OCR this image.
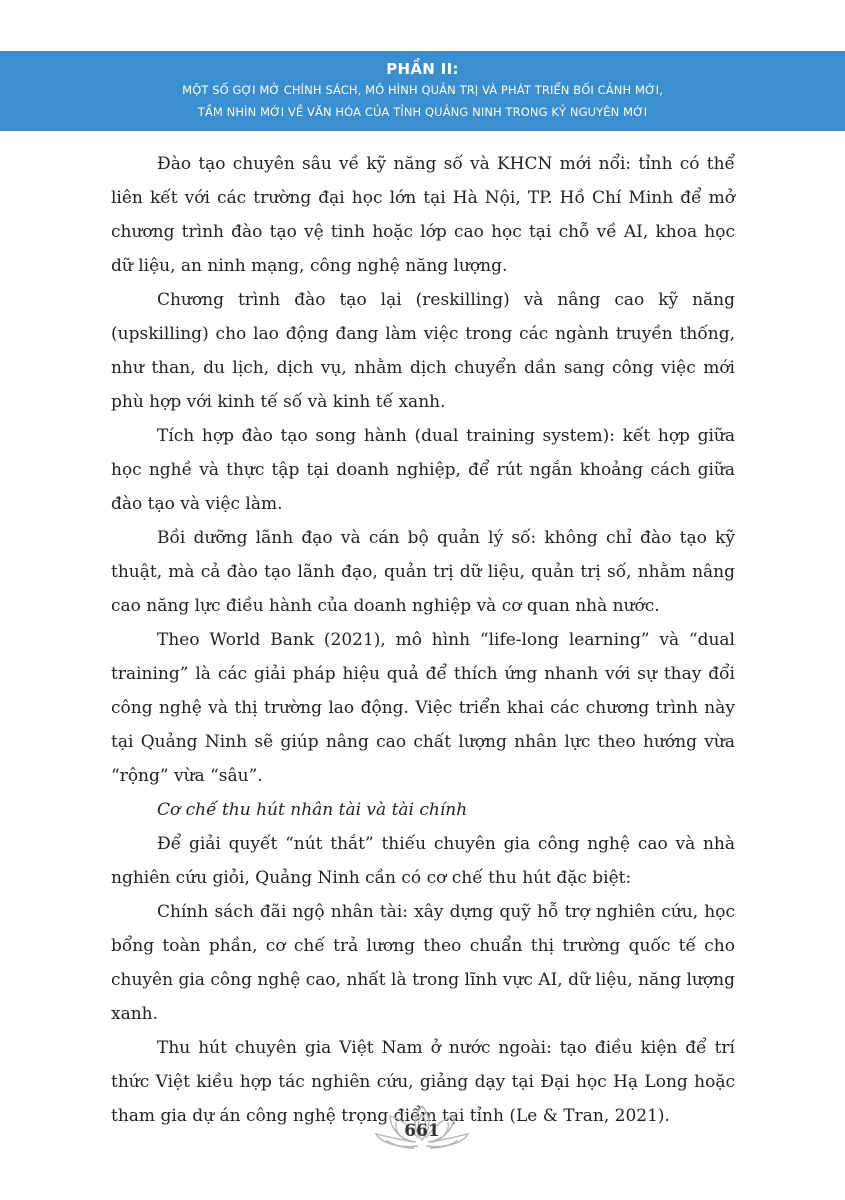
PHẦN II:
MỘT SỐ GỢI MỞ CHÍNH SÁCH, MÔ HÌNH QUẢN TRỊ VÀ PHÁT TRIỂN BỐI CẢNH MỚI,
TẦM NHÌN MỚI VỀ VĂN HÓA CỦA TỈNH QUẢNG NINH TRONG KỶ NGUYÊN MỚI

Đào tạo chuyên sâu về kỹ năng số và KHCN mới nổi: tỉnh có thể liên kết với các trường đại học lớn tại Hà Nội, TP. Hồ Chí Minh để mở chương trình đào tạo vệ tinh hoặc lớp cao học tại chỗ về AI, khoa học dữ liệu, an ninh mạng, công nghệ năng lượng.

Chương trình đào tạo lại (reskilling) và nâng cao kỹ năng (upskilling) cho lao động đang làm việc trong các ngành truyền thống, như than, du lịch, dịch vụ, nhằm dịch chuyển dần sang công việc mới phù hợp với kinh tế số và kinh tế xanh.

Tích hợp đào tạo song hành (dual training system): kết hợp giữa học nghề và thực tập tại doanh nghiệp, để rút ngắn khoảng cách giữa đào tạo và việc làm.

Bồi dưỡng lãnh đạo và cán bộ quản lý số: không chỉ đào tạo kỹ thuật, mà cả đào tạo lãnh đạo, quản trị dữ liệu, quản trị số, nhằm nâng cao năng lực điều hành của doanh nghiệp và cơ quan nhà nước.

Theo World Bank (2021), mô hình “life-long learning” và “dual training” là các giải pháp hiệu quả để thích ứng nhanh với sự thay đổi công nghệ và thị trường lao động. Việc triển khai các chương trình này tại Quảng Ninh sẽ giúp nâng cao chất lượng nhân lực theo hướng vừa “rộng” vừa “sâu”.

Cơ chế thu hút nhân tài và tài chính

Để giải quyết “nút thắt” thiếu chuyên gia công nghệ cao và nhà nghiên cứu giỏi, Quảng Ninh cần có cơ chế thu hút đặc biệt:

Chính sách đãi ngộ nhân tài: xây dựng quỹ hỗ trợ nghiên cứu, học bổng toàn phần, cơ chế trả lương theo chuẩn thị trường quốc tế cho chuyên gia công nghệ cao, nhất là trong lĩnh vực AI, dữ liệu, năng lượng xanh.

Thu hút chuyên gia Việt Nam ở nước ngoài: tạo điều kiện để trí thức Việt kiều hợp tác nghiên cứu, giảng dạy tại Đại học Hạ Long hoặc tham gia dự án công nghệ trọng điểm tại tỉnh (Le & Tran, 2021).

661
